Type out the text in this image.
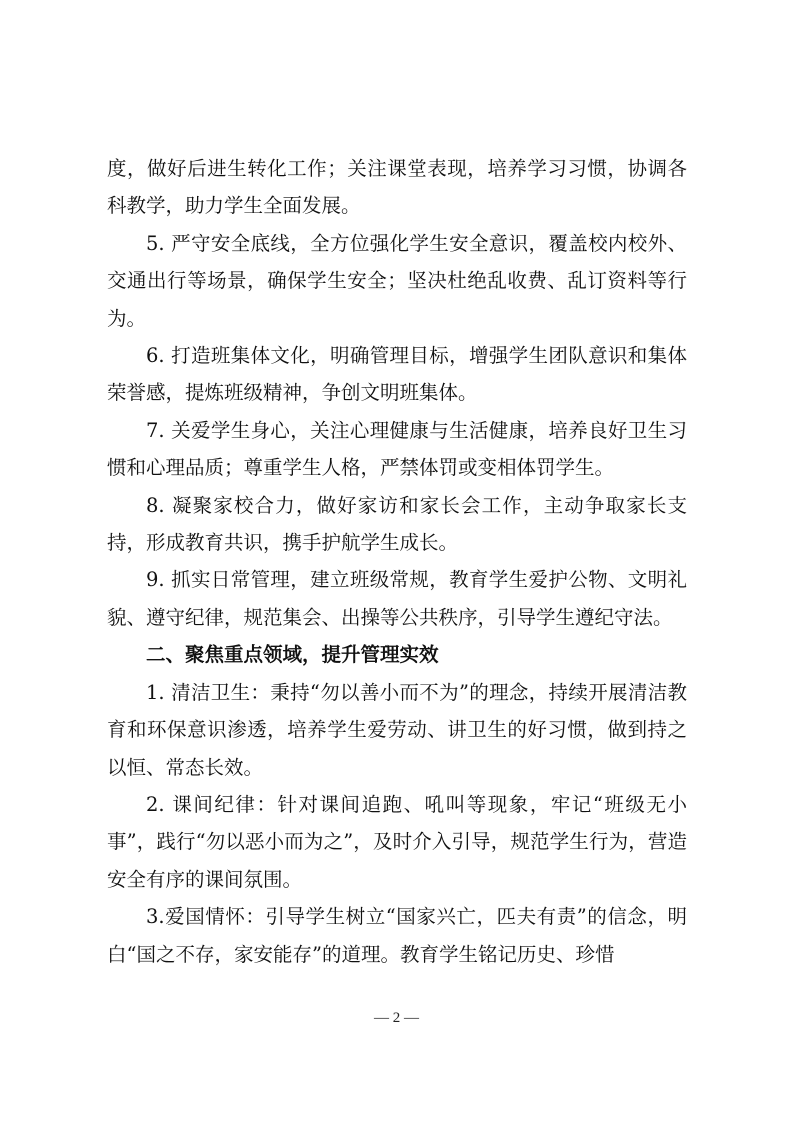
度，做好后进生转化工作；关注课堂表现，培养学习习惯，协调各科教学，助力学生全面发展。

5. 严守安全底线，全方位强化学生安全意识，覆盖校内校外、交通出行等场景，确保学生安全；坚决杜绝乱收费、乱订资料等行为。

6. 打造班集体文化，明确管理目标，增强学生团队意识和集体荣誉感，提炼班级精神，争创文明班集体。

7. 关爱学生身心，关注心理健康与生活健康，培养良好卫生习惯和心理品质；尊重学生人格，严禁体罚或变相体罚学生。

8. 凝聚家校合力，做好家访和家长会工作，主动争取家长支持，形成教育共识，携手护航学生成长。

9. 抓实日常管理，建立班级常规，教育学生爱护公物、文明礼貌、遵守纪律，规范集会、出操等公共秩序，引导学生遵纪守法。

二、聚焦重点领域，提升管理实效

1. 清洁卫生：秉持“勿以善小而不为”的理念，持续开展清洁教育和环保意识渗透，培养学生爱劳动、讲卫生的好习惯，做到持之以恒、常态长效。

2. 课间纪律：针对课间追跑、吼叫等现象，牢记“班级无小事”，践行“勿以恶小而为之”，及时介入引导，规范学生行为，营造安全有序的课间氛围。

3.爱国情怀：引导学生树立“国家兴亡，匹夫有责”的信念，明白“国之不存，家安能存”的道理。教育学生铭记历史、珍惜

— 2 —
